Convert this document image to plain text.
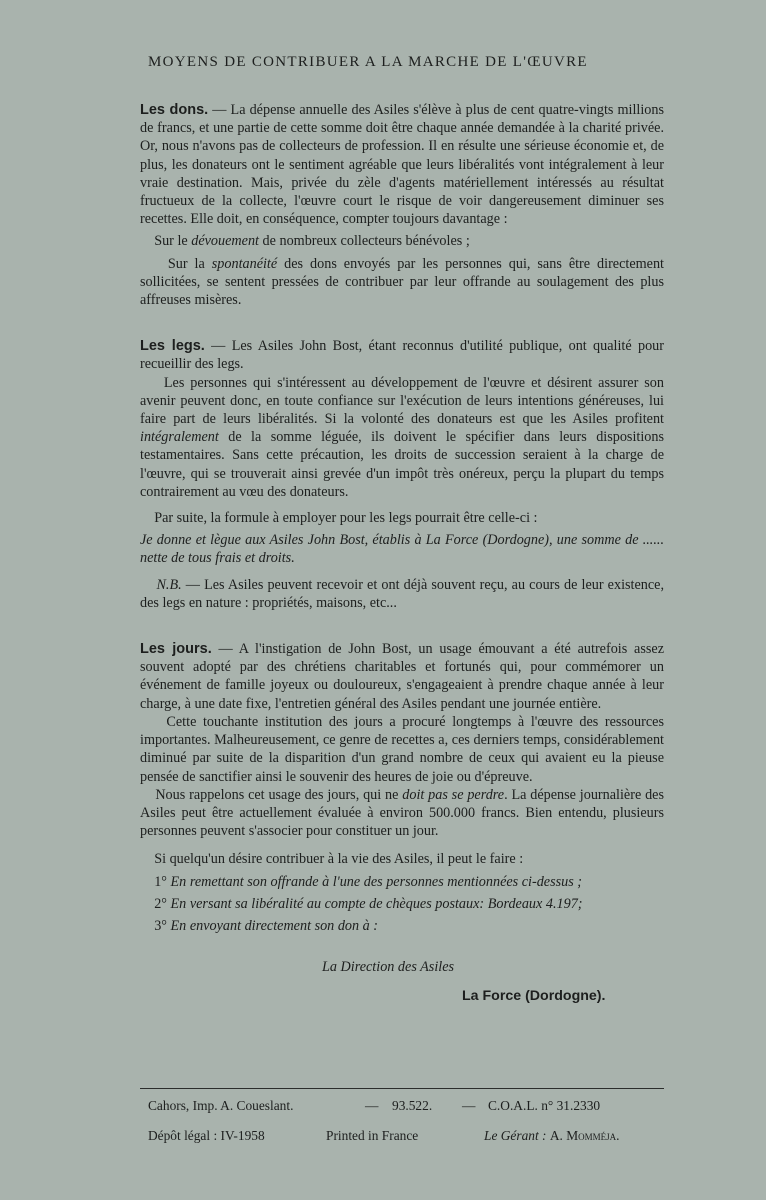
MOYENS DE CONTRIBUER A LA MARCHE DE L'ŒUVRE

Les dons. — La dépense annuelle des Asiles s'élève à plus de cent quatre-vingts millions de francs, et une partie de cette somme doit être chaque année demandée à la charité privée. Or, nous n'avons pas de collecteurs de profession. Il en résulte une sérieuse économie et, de plus, les donateurs ont le sentiment agréable que leurs libéralités vont intégralement à leur vraie destination. Mais, privée du zèle d'agents matériellement intéressés au résultat fructueux de la collecte, l'œuvre court le risque de voir dangereusement diminuer ses recettes. Elle doit, en conséquence, compter toujours davantage :

Sur le dévouement de nombreux collecteurs bénévoles ;

Sur la spontanéité des dons envoyés par les personnes qui, sans être directement sollicitées, se sentent pressées de contribuer par leur offrande au soulagement des plus affreuses misères.

Les legs. — Les Asiles John Bost, étant reconnus d'utilité publique, ont qualité pour recueillir des legs.

Les personnes qui s'intéressent au développement de l'œuvre et désirent assurer son avenir peuvent donc, en toute confiance sur l'exécution de leurs intentions généreuses, lui faire part de leurs libéralités. Si la volonté des donateurs est que les Asiles profitent intégralement de la somme léguée, ils doivent le spécifier dans leurs dispositions testamentaires. Sans cette précaution, les droits de succession seraient à la charge de l'œuvre, qui se trouverait ainsi grevée d'un impôt très onéreux, perçu la plupart du temps contrairement au vœu des donateurs.

Par suite, la formule à employer pour les legs pourrait être celle-ci :

Je donne et lègue aux Asiles John Bost, établis à La Force (Dordogne), une somme de ...... nette de tous frais et droits.

N.B. — Les Asiles peuvent recevoir et ont déjà souvent reçu, au cours de leur existence, des legs en nature : propriétés, maisons, etc...

Les jours. — A l'instigation de John Bost, un usage émouvant a été autrefois assez souvent adopté par des chrétiens charitables et fortunés qui, pour commémorer un événement de famille joyeux ou douloureux, s'engageaient à prendre chaque année à leur charge, à une date fixe, l'entretien général des Asiles pendant une journée entière.

Cette touchante institution des jours a procuré longtemps à l'œuvre des ressources importantes. Malheureusement, ce genre de recettes a, ces derniers temps, considérablement diminué par suite de la disparition d'un grand nombre de ceux qui avaient eu la pieuse pensée de sanctifier ainsi le souvenir des heures de joie ou d'épreuve.

Nous rappelons cet usage des jours, qui ne doit pas se perdre. La dépense journalière des Asiles peut être actuellement évaluée à environ 500.000 francs. Bien entendu, plusieurs personnes peuvent s'associer pour constituer un jour.

Si quelqu'un désire contribuer à la vie des Asiles, il peut le faire :

1° En remettant son offrande à l'une des personnes mentionnées ci-dessus ;

2° En versant sa libéralité au compte de chèques postaux: Bordeaux 4.197;

3° En envoyant directement son don à :

La Direction des Asiles
La Force (Dordogne).
Cahors, Imp. A. Coueslant.	— 93.522. — C.O.A.L. n° 31.2330
Dépôt légal : IV-1958	Printed in France	Le Gérant : A. Momméja.
